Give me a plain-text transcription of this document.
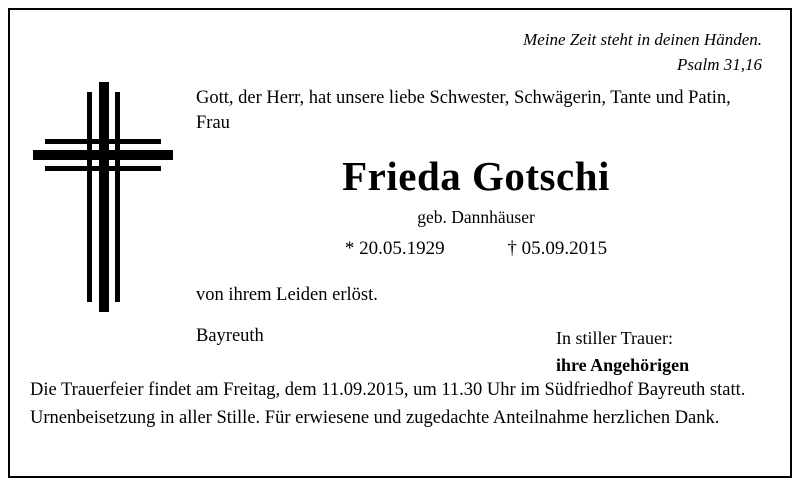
Meine Zeit steht in deinen Händen.
Psalm 31,16

Gott, der Herr, hat unsere liebe Schwester, Schwägerin, Tante und Patin, Frau

Frieda Gotschi

geb. Dannhäuser

* 20.05.1929	† 05.09.2015

von ihrem Leiden erlöst.

Bayreuth	In stiller Trauer:
ihre Angehörigen

Die Trauerfeier findet am Freitag, dem 11.09.2015, um 11.30 Uhr im Südfriedhof Bayreuth statt. Urnenbeisetzung in aller Stille. Für erwiesene und zugedachte Anteilnahme herzlichen Dank.
